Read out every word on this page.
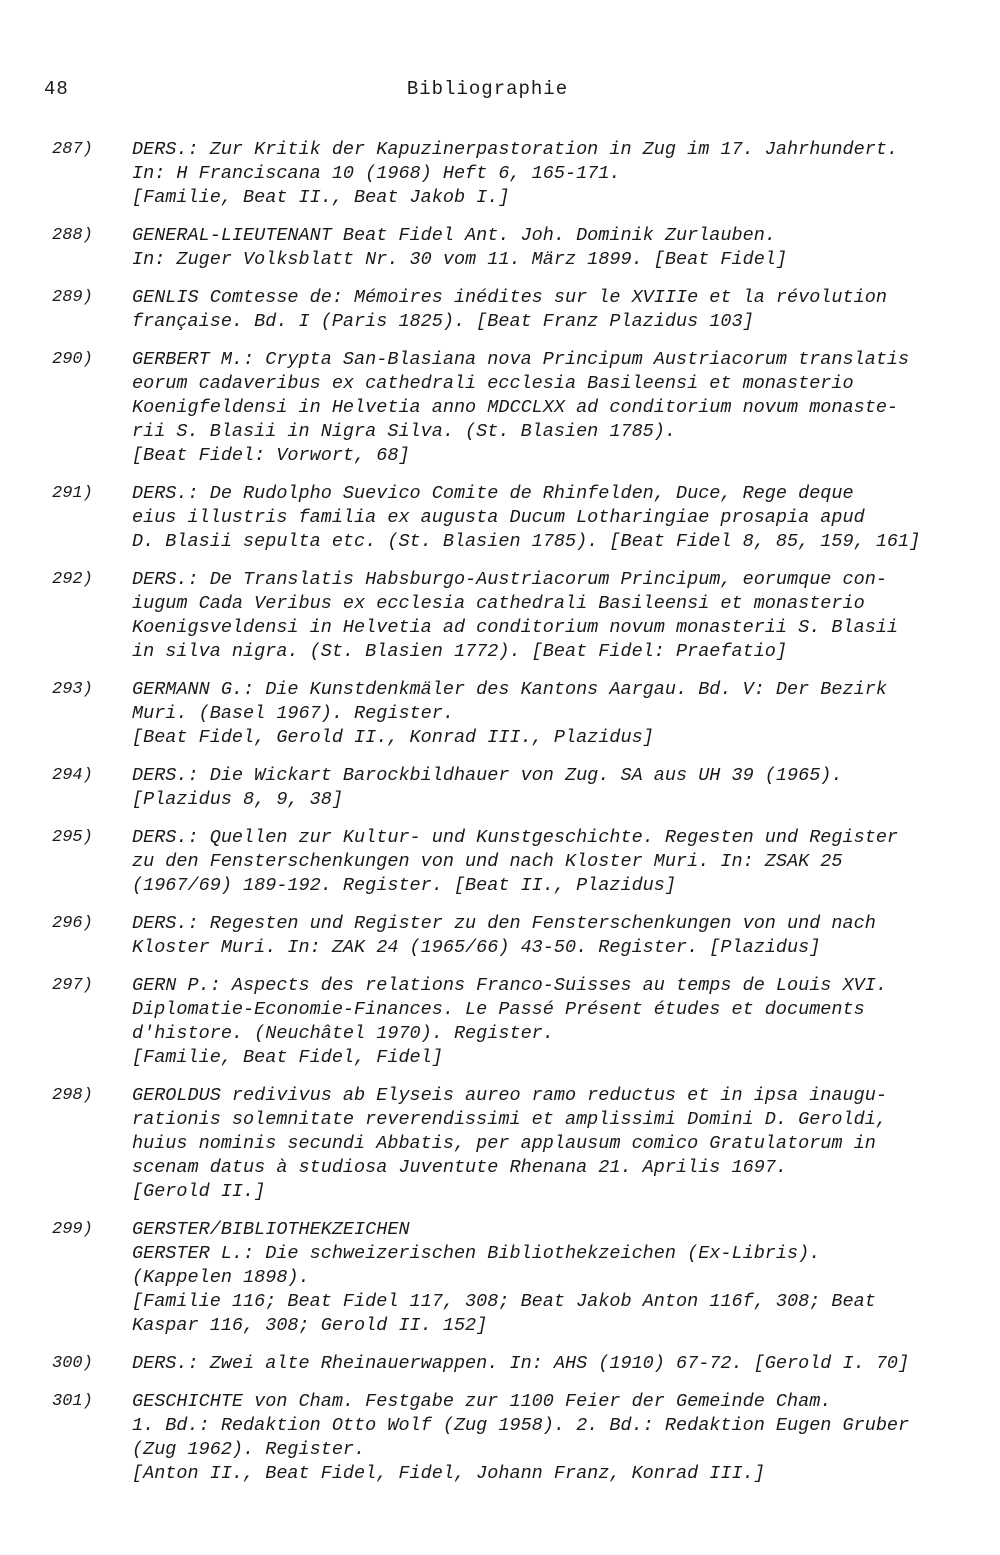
48	Bibliographie
287) DERS.: Zur Kritik der Kapuzinerpastoration in Zug im 17. Jahrhundert.
In: H Franciscana 10 (1968) Heft 6, 165-171.
[Familie, Beat II., Beat Jakob I.]
288) GENERAL-LIEUTENANT Beat Fidel Ant. Joh. Dominik Zurlauben.
In: Zuger Volksblatt Nr. 30 vom 11. März 1899. [Beat Fidel]
289) GENLIS Comtesse de: Mémoires inédites sur le XVIIIe et la révolution
française. Bd. I (Paris 1825). [Beat Franz Plazidus 103]
290) GERBERT M.: Crypta San-Blasiana nova Principum Austriacorum translatis
eorum cadaveribus ex cathedrali ecclesia Basileensi et monasterio
Koenigfeldensi in Helvetia anno MDCCLXX ad conditorium novum monaste-
rii S. Blasii in Nigra Silva. (St. Blasien 1785).
[Beat Fidel: Vorwort, 68]
291) DERS.: De Rudolpho Suevico Comite de Rhinfelden, Duce, Rege deque
eius illustris familia ex augusta Ducum Lotharingiae prosapia apud
D. Blasii sepulta etc. (St. Blasien 1785). [Beat Fidel 8, 85, 159, 161]
292) DERS.: De Translatis Habsburgo-Austriacorum Principum, eorumque con-
iugum Cada Veribus ex ecclesia cathedrali Basileensi et monasterio
Koenigsveldensi in Helvetia ad conditorium novum monasterii S. Blasii
in silva nigra. (St. Blasien 1772). [Beat Fidel: Praefatio]
293) GERMANN G.: Die Kunstdenkmäler des Kantons Aargau. Bd. V: Der Bezirk
Muri. (Basel 1967). Register.
[Beat Fidel, Gerold II., Konrad III., Plazidus]
294) DERS.: Die Wickart Barockbildhauer von Zug. SA aus UH 39 (1965).
[Plazidus 8, 9, 38]
295) DERS.: Quellen zur Kultur- und Kunstgeschichte. Regesten und Register
zu den Fensterschenkungen von und nach Kloster Muri. In: ZSAK 25
(1967/69) 189-192. Register. [Beat II., Plazidus]
296) DERS.: Regesten und Register zu den Fensterschenkungen von und nach
Kloster Muri. In: ZAK 24 (1965/66) 43-50. Register. [Plazidus]
297) GERN P.: Aspects des relations Franco-Suisses au temps de Louis XVI.
Diplomatie-Economie-Finances. Le Passé Présent études et documents
d'histore. (Neuchâtel 1970). Register.
[Familie, Beat Fidel, Fidel]
298) GEROLDUS redivivus ab Elyseis aureo ramo reductus et in ipsa inaugu-
rationis solemnitate reverendissimi et amplissimi Domini D. Geroldi,
huius nominis secundi Abbatis, per applausum comico Gratulatorum in
scenam datus à studiosa Juventute Rhenana 21. Aprilis 1697.
[Gerold II.]
299) GERSTER/BIBLIOTHEKZEICHEN
GERSTER L.: Die schweizerischen Bibliothekzeichen (Ex-Libris).
(Kappelen 1898).
[Familie 116; Beat Fidel 117, 308; Beat Jakob Anton 116f, 308; Beat
Kaspar 116, 308; Gerold II. 152]
300) DERS.: Zwei alte Rheinauerwappen. In: AHS (1910) 67-72. [Gerold I. 70]
301) GESCHICHTE von Cham. Festgabe zur 1100 Feier der Gemeinde Cham.
1. Bd.: Redaktion Otto Wolf (Zug 1958). 2. Bd.: Redaktion Eugen Gruber
(Zug 1962). Register.
[Anton II., Beat Fidel, Fidel, Johann Franz, Konrad III.]
